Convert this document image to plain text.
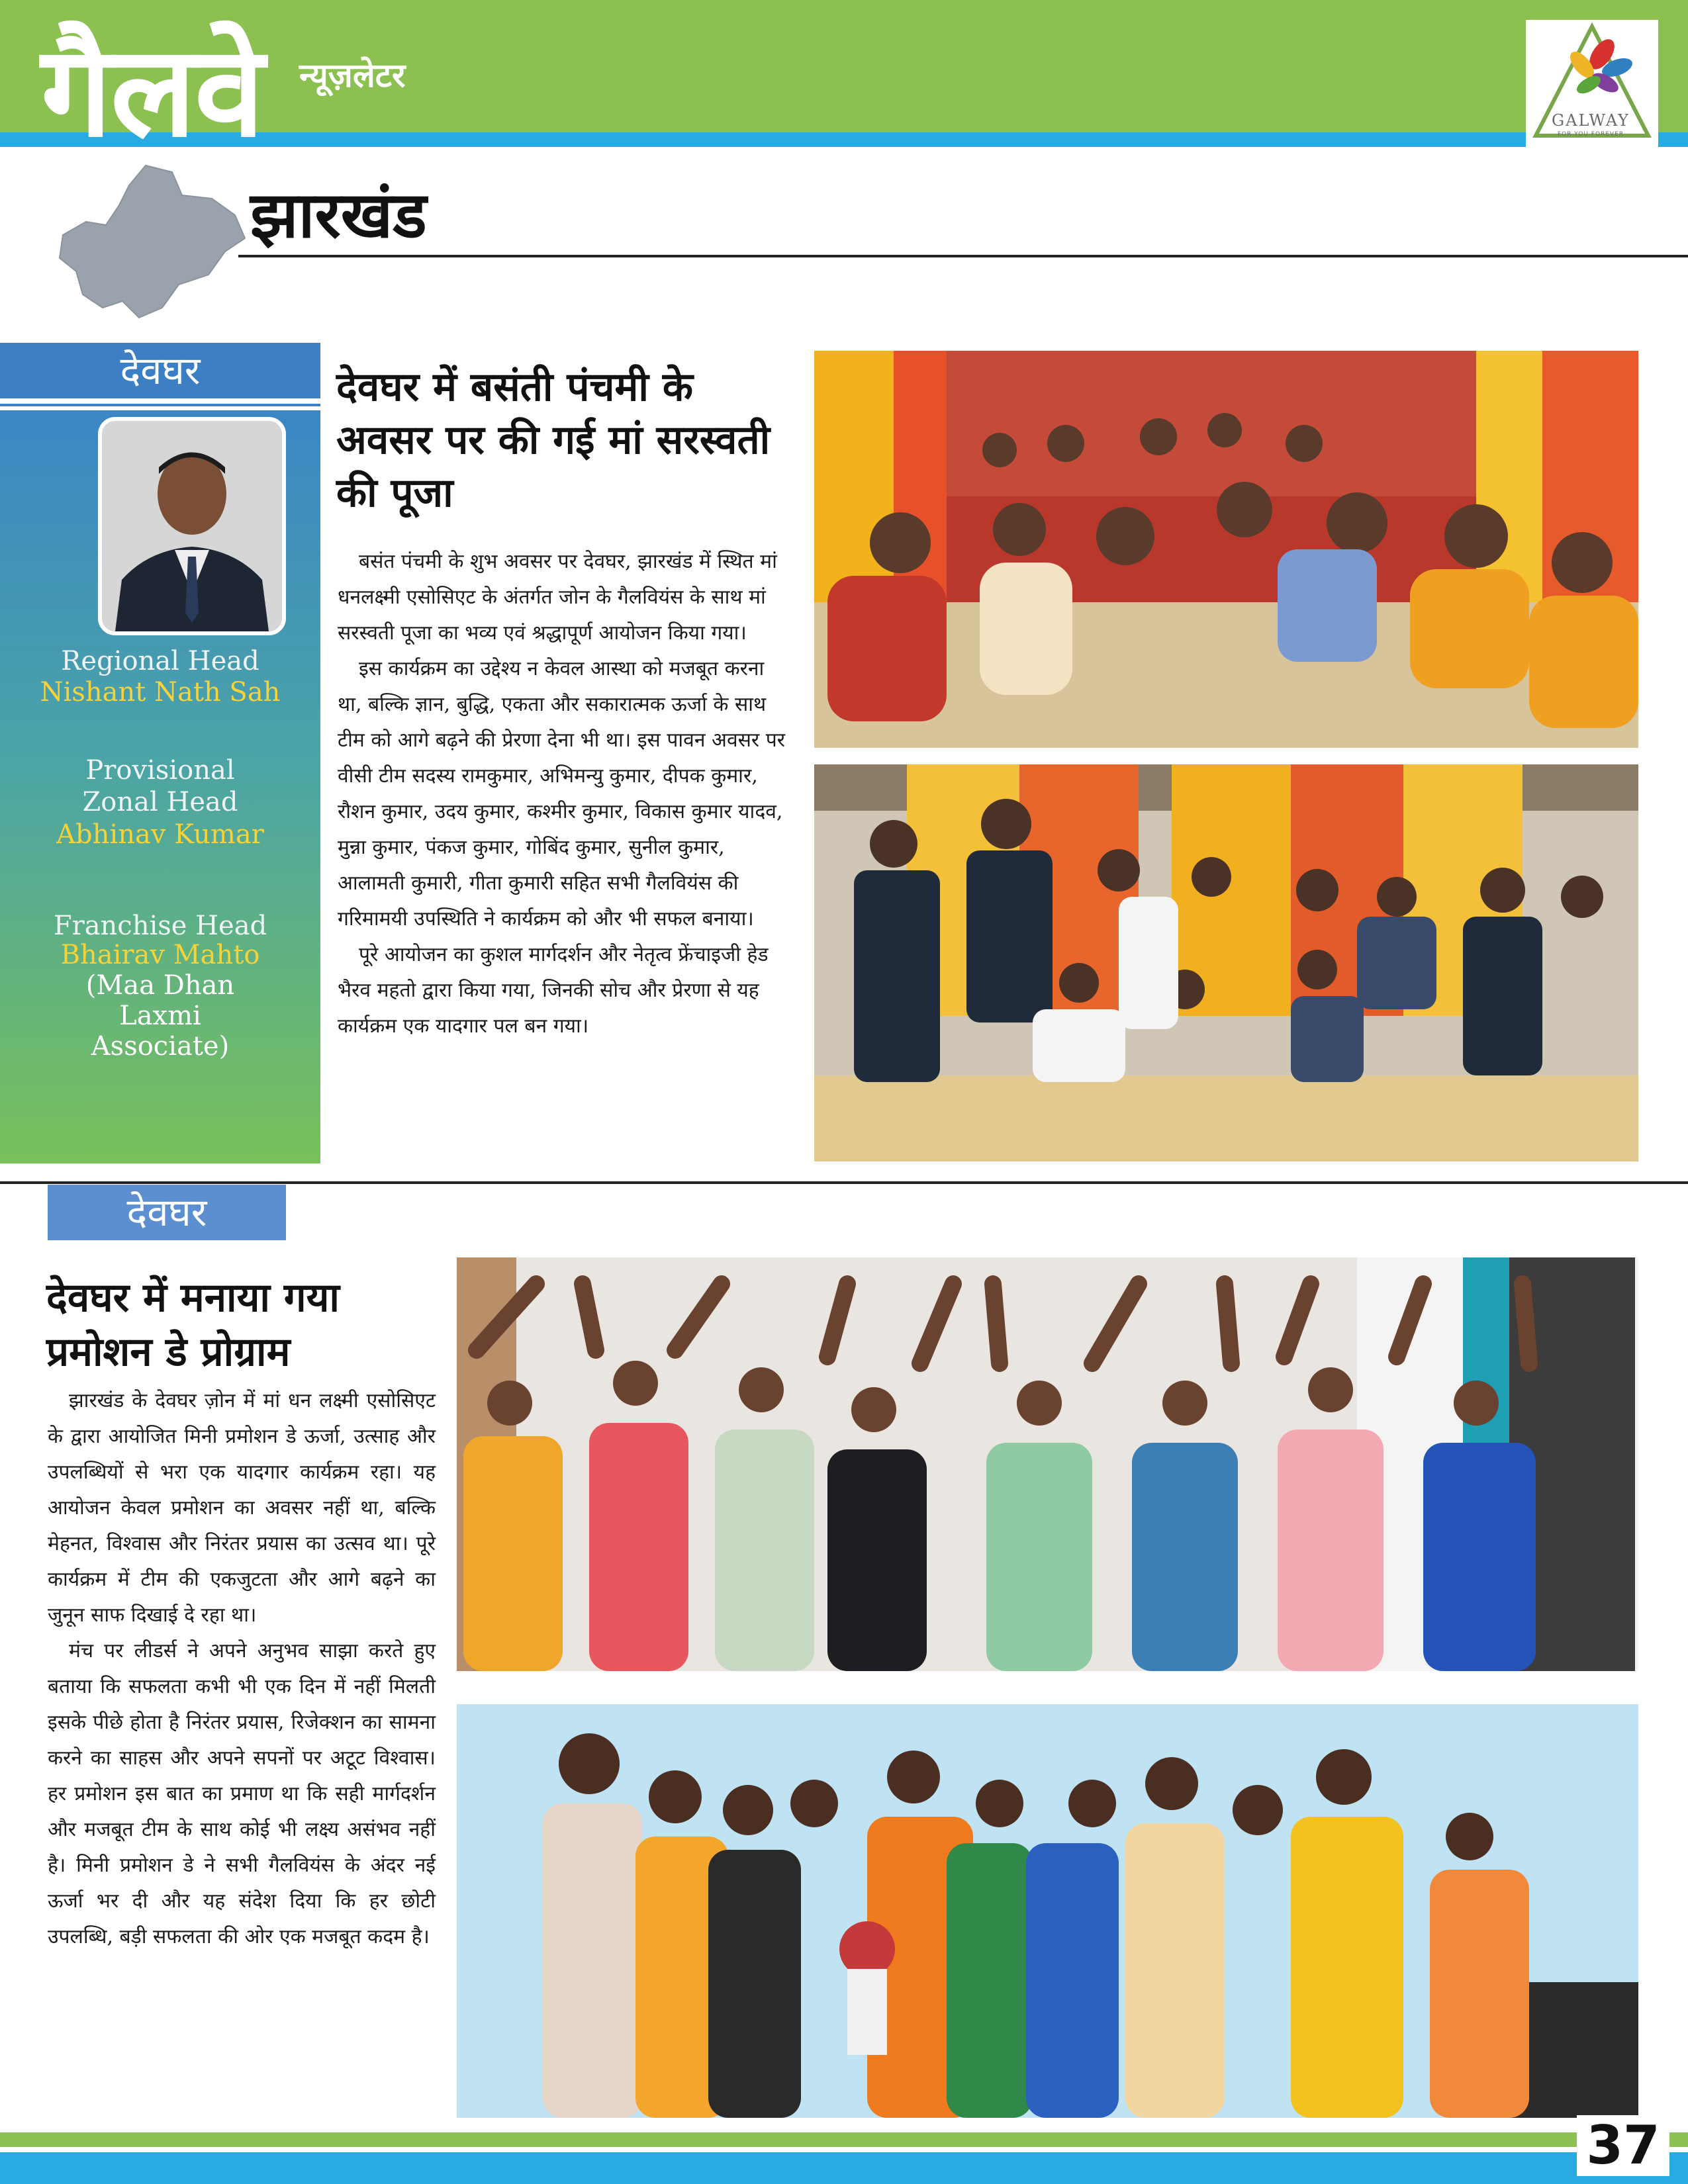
गैलवे न्यूज़लेटर
GALWAY
FOR YOU FOREVER
झारखंड
देवघर
Regional Head
Nishant Nath Sah
Provisional Zonal Head
Abhinav Kumar
Franchise Head
Bhairav Mahto
(Maa Dhan Laxmi Associate)
देवघर में बसंती पंचमी के अवसर पर की गई मां सरस्वती की पूजा

बसंत पंचमी के शुभ अवसर पर देवघर, झारखंड में स्थित मां धनलक्ष्मी एसोसिएट के अंतर्गत जोन के गैलवियंस के साथ मां सरस्वती पूजा का भव्य एवं श्रद्धापूर्ण आयोजन किया गया।

इस कार्यक्रम का उद्देश्य न केवल आस्था को मजबूत करना था, बल्कि ज्ञान, बुद्धि, एकता और सकारात्मक ऊर्जा के साथ टीम को आगे बढ़ने की प्रेरणा देना भी था। इस पावन अवसर पर वीसी टीम सदस्य रामकुमार, अभिमन्यु कुमार, दीपक कुमार, रौशन कुमार, उदय कुमार, कश्मीर कुमार, विकास कुमार यादव, मुन्ना कुमार, पंकज कुमार, गोबिंद कुमार, सुनील कुमार, आलामती कुमारी, गीता कुमारी सहित सभी गैलवियंस की गरिमामयी उपस्थिति ने कार्यक्रम को और भी सफल बनाया।

पूरे आयोजन का कुशल मार्गदर्शन और नेतृत्व फ्रेंचाइजी हेड भैरव महतो द्वारा किया गया, जिनकी सोच और प्रेरणा से यह कार्यक्रम एक यादगार पल बन गया।

देवघर
देवघर में मनाया गया प्रमोशन डे प्रोग्राम

झारखंड के देवघर ज़ोन में मां धन लक्ष्मी एसोसिएट के द्वारा आयोजित मिनी प्रमोशन डे ऊर्जा, उत्साह और उपलब्धियों से भरा एक यादगार कार्यक्रम रहा। यह आयोजन केवल प्रमोशन का अवसर नहीं था, बल्कि मेहनत, विश्वास और निरंतर प्रयास का उत्सव था। पूरे कार्यक्रम में टीम की एकजुटता और आगे बढ़ने का जुनून साफ दिखाई दे रहा था।

मंच पर लीडर्स ने अपने अनुभव साझा करते हुए बताया कि सफलता कभी भी एक दिन में नहीं मिलती इसके पीछे होता है निरंतर प्रयास, रिजेक्शन का सामना करने का साहस और अपने सपनों पर अटूट विश्वास। हर प्रमोशन इस बात का प्रमाण था कि सही मार्गदर्शन और मजबूत टीम के साथ कोई भी लक्ष्य असंभव नहीं है। मिनी प्रमोशन डे ने सभी गैलवियंस के अंदर नई ऊर्जा भर दी और यह संदेश दिया कि हर छोटी उपलब्धि, बड़ी सफलता की ओर एक मजबूत कदम है।

37
